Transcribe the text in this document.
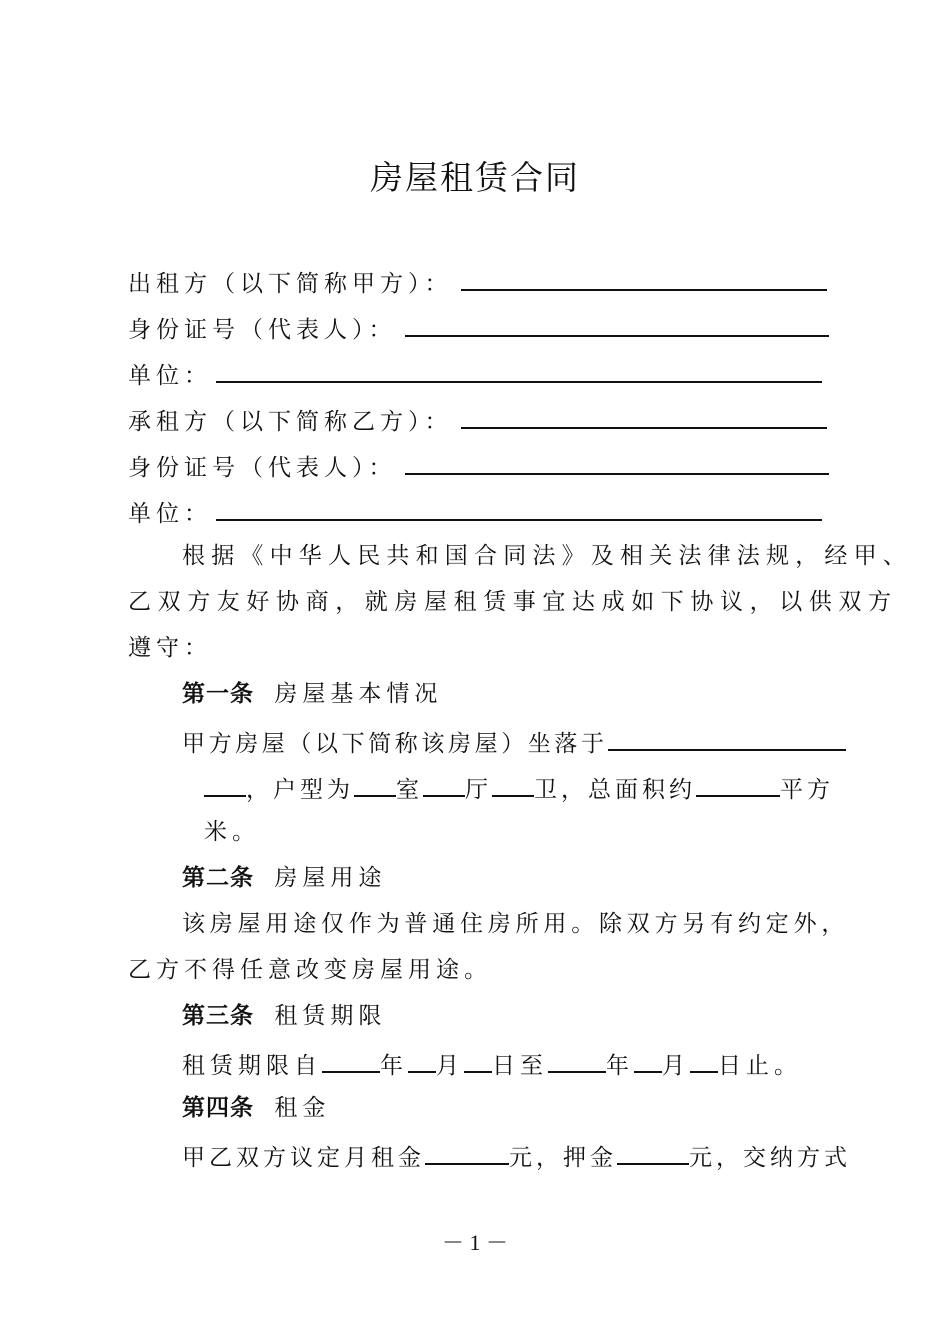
房屋租赁合同
出租方（以下简称甲方）：
身份证号（代表人）：
单位：
承租方（以下简称乙方）：
身份证号（代表人）：
单位：
根据《中华人民共和国合同法》及相关法律法规，经甲、
乙双方友好协商，就房屋租赁事宜达成如下协议，以供双方
遵守：
第一条 房屋基本情况
甲方房屋（以下简称该房屋）坐落于
，户型为 室 厅 卫，总面积约	平方
米。
第二条 房屋用途
该房屋用途仅作为普通住房所用。除双方另有约定外，
乙方不得任意改变房屋用途。
第三条 租赁期限
租赁期限自	年 月 日至	年 月 日止。
第四条 租金
甲乙双方议定月租金	元，押金	元，交纳方式
－ 1 －
